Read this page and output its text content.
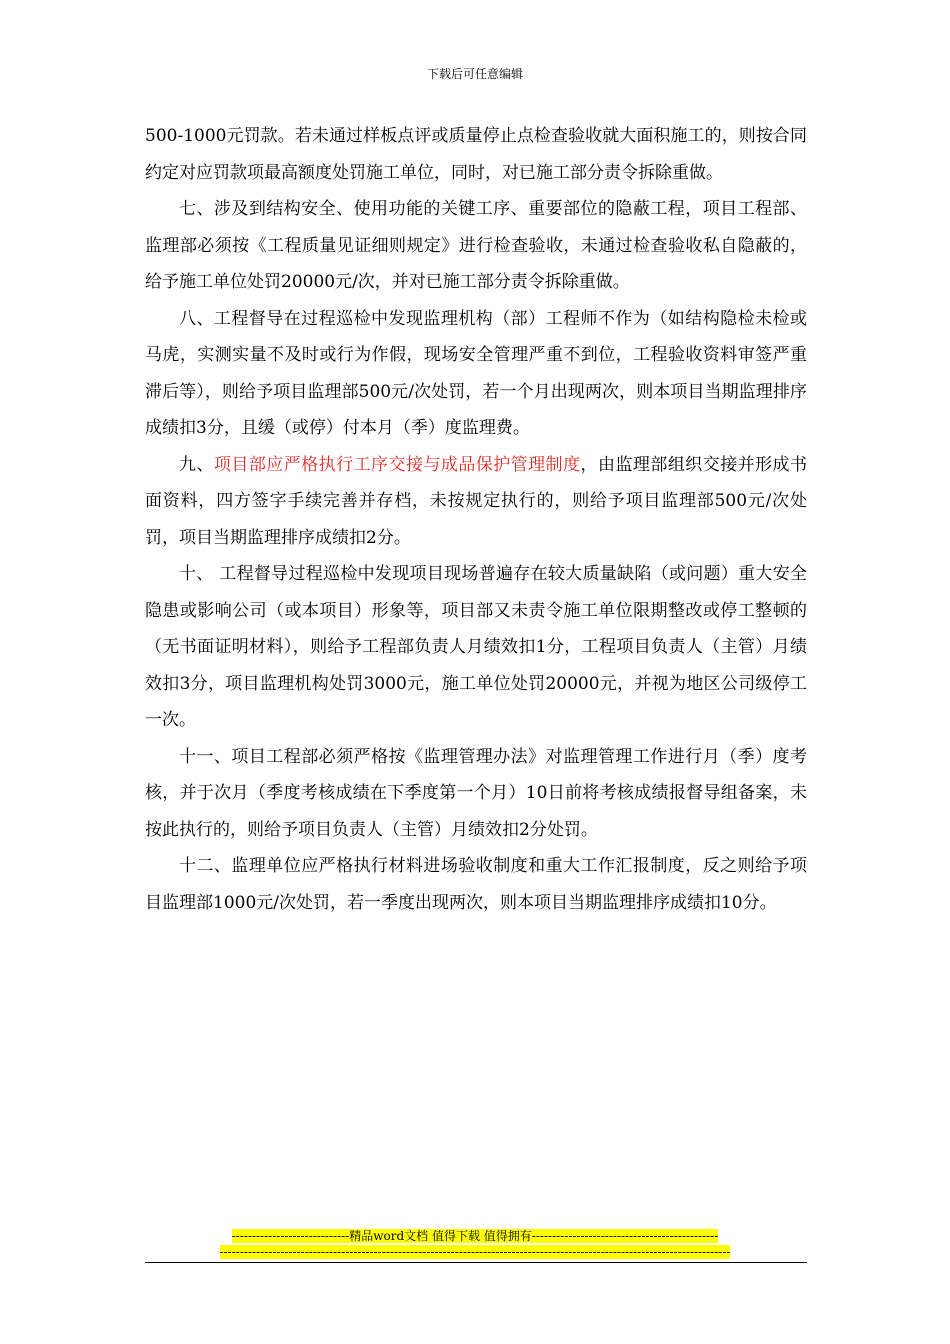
下载后可任意编辑

500-1000元罚款。若未通过样板点评或质量停止点检查验收就大面积施工的，则按合同约定对应罚款项最高额度处罚施工单位，同时，对已施工部分责令拆除重做。

七、涉及到结构安全、使用功能的关键工序、重要部位的隐蔽工程，项目工程部、监理部必须按《工程质量见证细则规定》进行检查验收，未通过检查验收私自隐蔽的，给予施工单位处罚20000元/次，并对已施工部分责令拆除重做。

八、工程督导在过程巡检中发现监理机构（部）工程师不作为（如结构隐检未检或马虎，实测实量不及时或行为作假，现场安全管理严重不到位，工程验收资料审签严重滞后等），则给予项目监理部500元/次处罚，若一个月出现两次，则本项目当期监理排序成绩扣3分，且缓（或停）付本月（季）度监理费。

九、项目部应严格执行工序交接与成品保护管理制度，由监理部组织交接并形成书面资料，四方签字手续完善并存档，未按规定执行的，则给予项目监理部500元/次处罚，项目当期监理排序成绩扣2分。

十、 工程督导过程巡检中发现项目现场普遍存在较大质量缺陷（或问题）重大安全隐患或影响公司（或本项目）形象等，项目部又未责令施工单位限期整改或停工整顿的（无书面证明材料），则给予工程部负责人月绩效扣1分，工程项目负责人（主管）月绩效扣3分，项目监理机构处罚3000元，施工单位处罚20000元，并视为地区公司级停工一次。

十一、项目工程部必须严格按《监理管理办法》对监理管理工作进行月（季）度考核，并于次月（季度考核成绩在下季度第一个月）10日前将考核成绩报督导组备案，未按此执行的，则给予项目负责人（主管）月绩效扣2分处罚。

十二、监理单位应严格执行材料进场验收制度和重大工作汇报制度，反之则给予项目监理部1000元/次处罚，若一季度出现两次，则本项目当期监理排序成绩扣10分。

-----------------------------精品word文档 值得下载 值得拥有----------------------------------------------
------------------------------------------------------------------------------------------------------------------------------
